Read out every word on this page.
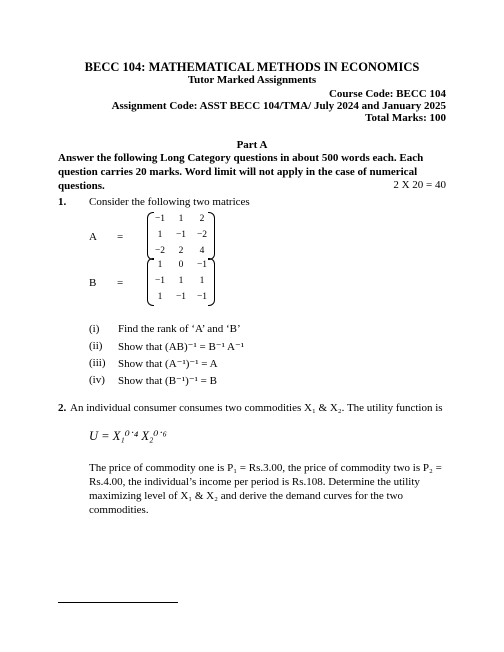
BECC 104: MATHEMATICAL METHODS IN ECONOMICS
Tutor Marked Assignments
Course Code: BECC 104
Assignment Code: ASST BECC 104/TMA/ July 2024 and January 2025
Total Marks: 100
Part A
Answer the following Long Category questions in about 500 words each. Each question carries 20 marks. Word limit will not apply in the case of numerical questions.	2 X 20 = 40
1. Consider the following two matrices
A =
−1	1	2
1	−1	−2
−2	2	4
B =
1	0	−1
−1	1	1
1	−1	−1
(i) Find the rank of ‘A’ and ‘B’
(ii) Show that (AB)⁻¹ = B⁻¹ A⁻¹
(iii) Show that (A⁻¹)⁻¹ = A
(iv) Show that (B⁻¹)⁻¹ = B
2. An individual consumer consumes two commodities X₁ & X₂. The utility function is
U = X₁⁰˙⁴ X₂⁰˙⁶
The price of commodity one is P₁ = Rs.3.00, the price of commodity two is P₂ = Rs.4.00, the individual’s income per period is Rs.108. Determine the utility maximizing level of X₁ & X₂ and derive the demand curves for the two commodities.
